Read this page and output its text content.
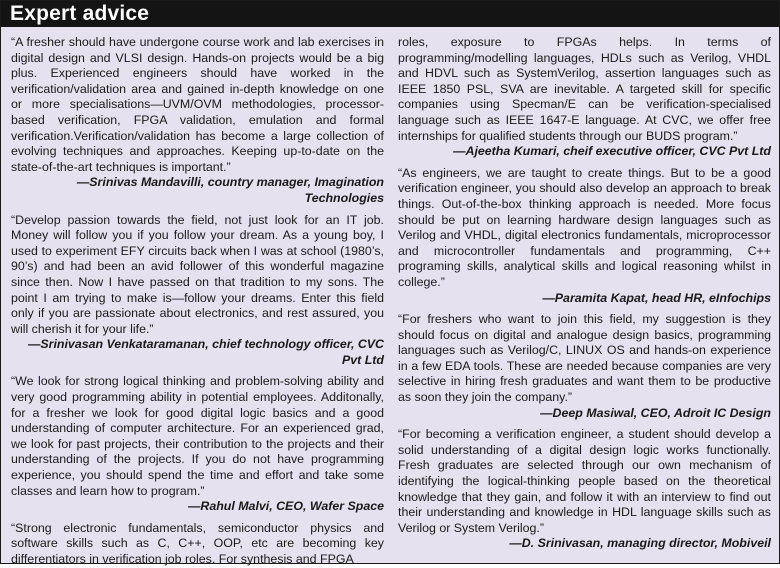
Expert advice

“A fresher should have undergone course work and lab exercises in digital design and VLSI design. Hands-on projects would be a big plus. Experienced engineers should have worked in the verification/validation area and gained in-depth knowledge on one or more specialisations—UVM/OVM methodologies, processor-based verification, FPGA validation, emulation and formal verification.Verification/validation has become a large collection of evolving techniques and approaches. Keeping up-to-date on the state-of-the-art techniques is important.”

—Srinivas Mandavilli, country manager, Imagination Technologies

“Develop passion towards the field, not just look for an IT job. Money will follow you if you follow your dream. As a young boy, I used to experiment EFY circuits back when I was at school (1980’s, 90’s) and had been an avid follower of this wonderful magazine since then. Now I have passed on that tradition to my sons. The point I am trying to make is—follow your dreams. Enter this field only if you are passionate about electronics, and rest assured, you will cherish it for your life.”

—Srinivasan Venkataramanan, chief technology officer, CVC Pvt Ltd

“We look for strong logical thinking and problem-solving ability and very good programming ability in potential employees. Additonally, for a fresher we look for good digital logic basics and a good understanding of computer architecture. For an experienced grad, we look for past projects, their contribution to the projects and their understanding of the projects. If you do not have programming experience, you should spend the time and effort and take some classes and learn how to program.”

—Rahul Malvi, CEO, Wafer Space

“Strong electronic fundamentals, semiconductor physics and software skills such as C, C++, OOP, etc are becoming key differentiators in verification job roles. For synthesis and FPGA

roles, exposure to FPGAs helps. In terms of programming/modelling languages, HDLs such as Verilog, VHDL and HDVL such as SystemVerilog, assertion languages such as IEEE 1850 PSL, SVA are inevitable. A targeted skill for specific companies using Specman/E can be verification-specialised language such as IEEE 1647-E language. At CVC, we offer free internships for qualified students through our BUDS program.”

—Ajeetha Kumari, cheif executive officer, CVC Pvt Ltd

“As engineers, we are taught to create things. But to be a good verification engineer, you should also develop an approach to break things. Out-of-the-box thinking approach is needed. More focus should be put on learning hardware design languages such as Verilog and VHDL, digital electronics fundamentals, microprocessor and microcontroller fundamentals and programming, C++ programing skills, analytical skills and logical reasoning whilst in college.”

—Paramita Kapat, head HR, eInfochips

“For freshers who want to join this field, my suggestion is they should focus on digital and analogue design basics, programming languages such as Verilog/C, LINUX OS and hands-on experience in a few EDA tools. These are needed because companies are very selective in hiring fresh graduates and want them to be productive as soon they join the company.”

—Deep Masiwal, CEO, Adroit IC Design

“For becoming a verification engineer, a student should develop a solid understanding of a digital design logic works functionally. Fresh graduates are selected through our own mechanism of identifying the logical-thinking people based on the theoretical knowledge that they gain, and follow it with an interview to find out their understanding and knowledge in HDL language skills such as Verilog or System Verilog.”

—D. Srinivasan, managing director, Mobiveil
